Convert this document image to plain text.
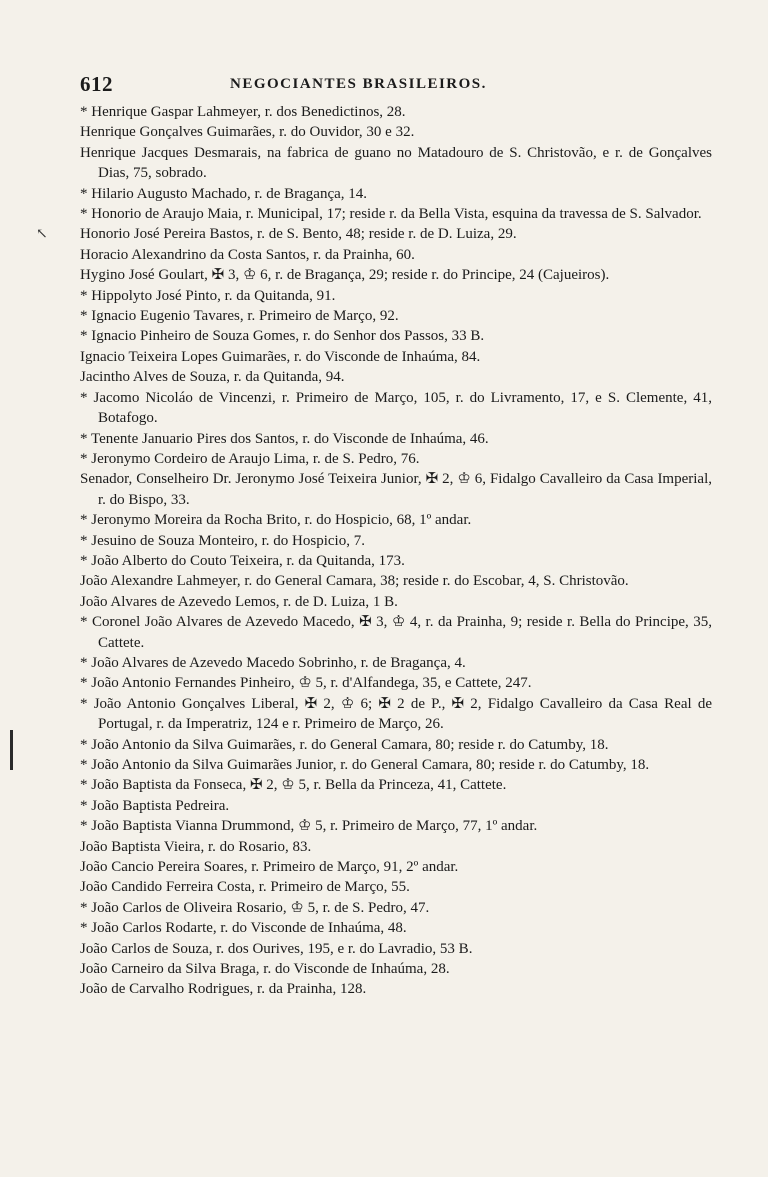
612	NEGOCIANTES BRASILEIROS.
↖
* Henrique Gaspar Lahmeyer, r. dos Benedictinos, 28.
Henrique Gonçalves Guimarães, r. do Ouvidor, 30 e 32.
Henrique Jacques Desmarais, na fabrica de guano no Matadouro de S. Christovão, e r. de Gonçalves Dias, 75, sobrado.
* Hilario Augusto Machado, r. de Bragança, 14.
* Honorio de Araujo Maia, r. Municipal, 17; reside r. da Bella Vista, esquina da travessa de S. Salvador.
Honorio José Pereira Bastos, r. de S. Bento, 48; reside r. de D. Luiza, 29.
Horacio Alexandrino da Costa Santos, r. da Prainha, 60.
Hygino José Goulart, ✠ 3, ♔ 6, r. de Bragança, 29; reside r. do Principe, 24 (Cajueiros).
* Hippolyto José Pinto, r. da Quitanda, 91.
* Ignacio Eugenio Tavares, r. Primeiro de Março, 92.
* Ignacio Pinheiro de Souza Gomes, r. do Senhor dos Passos, 33 B.
Ignacio Teixeira Lopes Guimarães, r. do Visconde de Inhaúma, 84.
Jacintho Alves de Souza, r. da Quitanda, 94.
* Jacomo Nicoláo de Vincenzi, r. Primeiro de Março, 105, r. do Livramento, 17, e S. Clemente, 41, Botafogo.
* Tenente Januario Pires dos Santos, r. do Visconde de Inhaúma, 46.
* Jeronymo Cordeiro de Araujo Lima, r. de S. Pedro, 76.
Senador, Conselheiro Dr. Jeronymo José Teixeira Junior, ✠ 2, ♔ 6, Fidalgo Cavalleiro da Casa Imperial, r. do Bispo, 33.
* Jeronymo Moreira da Rocha Brito, r. do Hospicio, 68, 1º andar.
* Jesuino de Souza Monteiro, r. do Hospicio, 7.
* João Alberto do Couto Teixeira, r. da Quitanda, 173.
João Alexandre Lahmeyer, r. do General Camara, 38; reside r. do Escobar, 4, S. Christovão.
João Alvares de Azevedo Lemos, r. de D. Luiza, 1 B.
* Coronel João Alvares de Azevedo Macedo, ✠ 3, ♔ 4, r. da Prainha, 9; reside r. Bella do Principe, 35, Cattete.
* João Alvares de Azevedo Macedo Sobrinho, r. de Bragança, 4.
* João Antonio Fernandes Pinheiro, ♔ 5, r. d'Alfandega, 35, e Cattete, 247.
* João Antonio Gonçalves Liberal, ✠ 2, ♔ 6; ✠ 2 de P., ✠ 2, Fidalgo Cavalleiro da Casa Real de Portugal, r. da Imperatriz, 124 e r. Primeiro de Março, 26.
* João Antonio da Silva Guimarães, r. do General Camara, 80; reside r. do Catumby, 18.
* João Antonio da Silva Guimarães Junior, r. do General Camara, 80; reside r. do Catumby, 18.
* João Baptista da Fonseca, ✠ 2, ♔ 5, r. Bella da Princeza, 41, Cattete.
* João Baptista Pedreira.
* João Baptista Vianna Drummond, ♔ 5, r. Primeiro de Março, 77, 1º andar.
João Baptista Vieira, r. do Rosario, 83.
João Cancio Pereira Soares, r. Primeiro de Março, 91, 2º andar.
João Candido Ferreira Costa, r. Primeiro de Março, 55.
* João Carlos de Oliveira Rosario, ♔ 5, r. de S. Pedro, 47.
* João Carlos Rodarte, r. do Visconde de Inhaúma, 48.
João Carlos de Souza, r. dos Ourives, 195, e r. do Lavradio, 53 B.
João Carneiro da Silva Braga, r. do Visconde de Inhaúma, 28.
João de Carvalho Rodrigues, r. da Prainha, 128.
